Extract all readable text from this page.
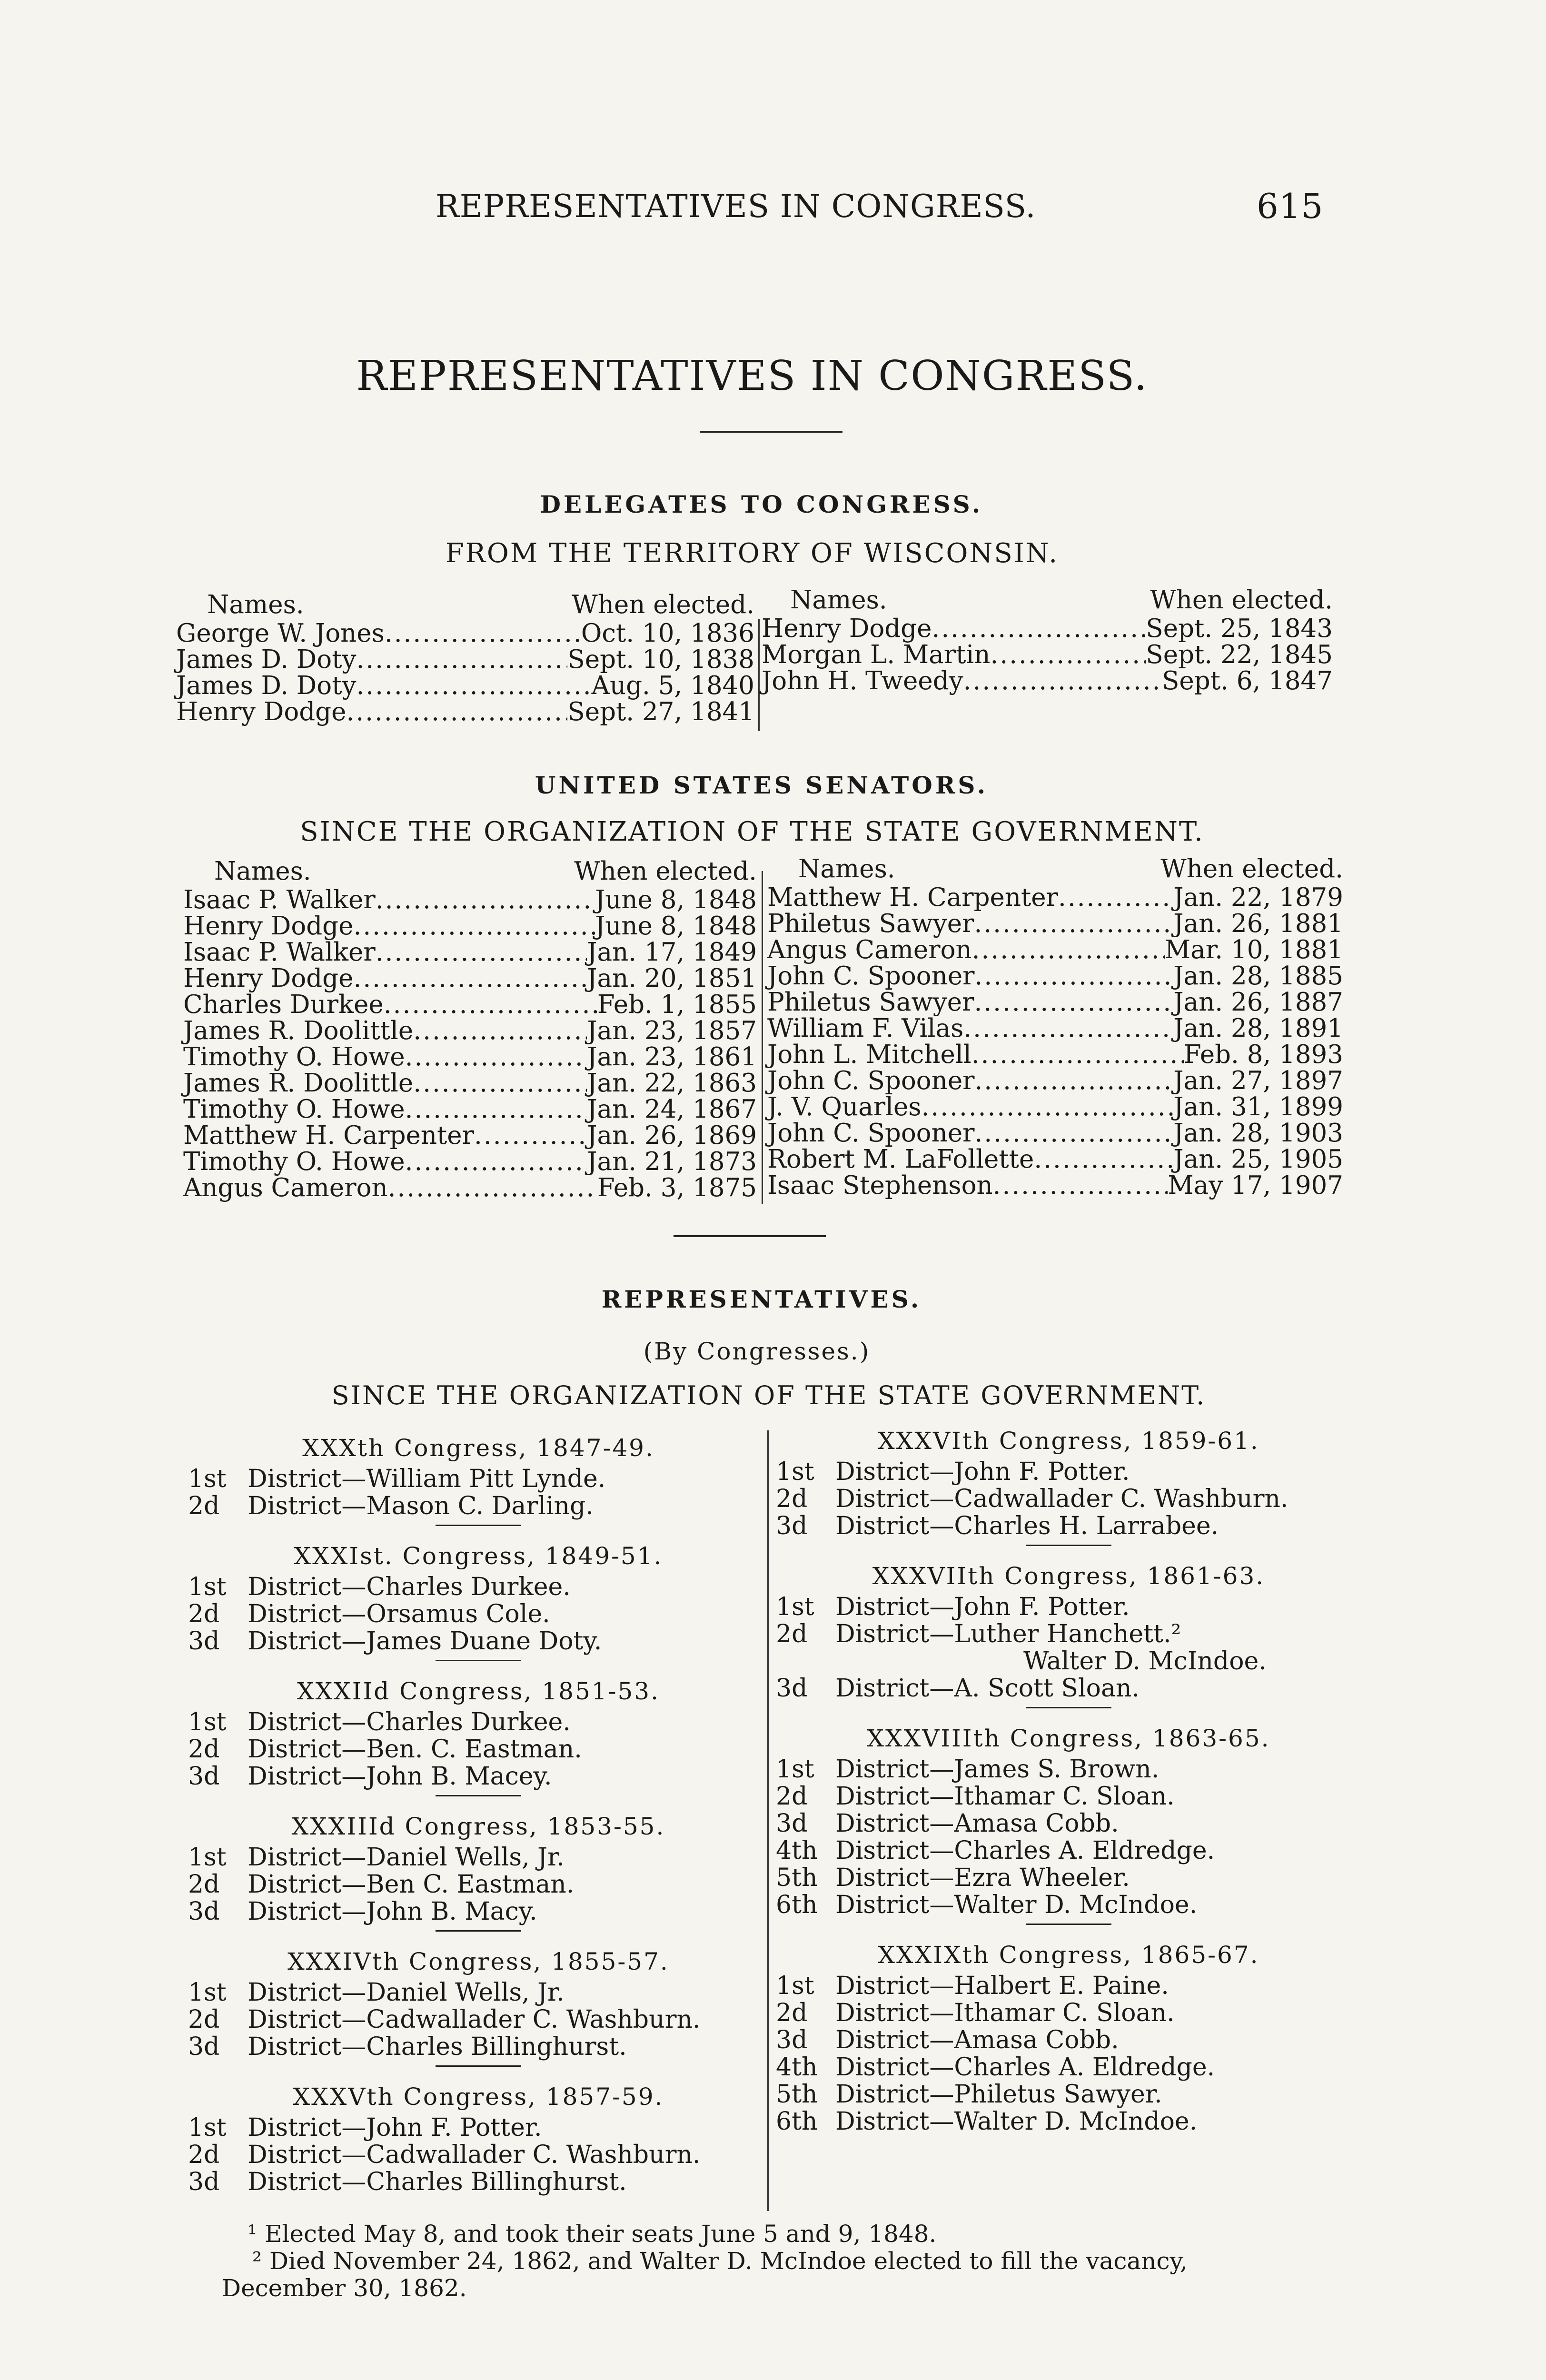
REPRESENTATIVES IN CONGRESS.	615
REPRESENTATIVES IN CONGRESS.
DELEGATES TO CONGRESS.
FROM THE TERRITORY OF WISCONSIN.
Names.	When elected.
George W. Jones .....	Oct. 10, 1836
James D. Doty .....	Sept. 10, 1838
James D. Doty .....	Aug. 5, 1840
Henry Dodge .....	Sept. 27, 1841
Names.	When elected.
Henry Dodge .....	Sept. 25, 1843
Morgan L. Martin .....	Sept. 22, 1845
John H. Tweedy .....	Sept. 6, 1847
UNITED STATES SENATORS.
SINCE THE ORGANIZATION OF THE STATE GOVERNMENT.
Names.	When elected.
Isaac P. Walker .....	June 8, 1848
Henry Dodge .....	June 8, 1848
Isaac P. Walker .....	Jan. 17, 1849
Henry Dodge .....	Jan. 20, 1851
Charles Durkee .....	Feb. 1, 1855
James R. Doolittle .....	Jan. 23, 1857
Timothy O. Howe .....	Jan. 23, 1861
James R. Doolittle .....	Jan. 22, 1863
Timothy O. Howe .....	Jan. 24, 1867
Matthew H. Carpenter .....	Jan. 26, 1869
Timothy O. Howe .....	Jan. 21, 1873
Angus Cameron .....	Feb. 3, 1875
Names.	When elected.
Matthew H. Carpenter .....	Jan. 22, 1879
Philetus Sawyer .....	Jan. 26, 1881
Angus Cameron .....	Mar. 10, 1881
John C. Spooner .....	Jan. 28, 1885
Philetus Sawyer .....	Jan. 26, 1887
William F. Vilas .....	Jan. 28, 1891
John L. Mitchell .....	Feb. 8, 1893
John C. Spooner .....	Jan. 27, 1897
J. V. Quarles .....	Jan. 31, 1899
John C. Spooner .....	Jan. 28, 1903
Robert M. LaFollette .....	Jan. 25, 1905
Isaac Stephenson .....	May 17, 1907
REPRESENTATIVES.
(By Congresses.)
SINCE THE ORGANIZATION OF THE STATE GOVERNMENT.
XXXth Congress, 1847-49.
1st District—William Pitt Lynde.
2d District—Mason C. Darling.
XXXIst. Congress, 1849-51.
1st District—Charles Durkee.
2d District—Orsamus Cole.
3d District—James Duane Doty.
XXXIId Congress, 1851-53.
1st District—Charles Durkee.
2d District—Ben. C. Eastman.
3d District—John B. Macey.
XXXIIId Congress, 1853-55.
1st District—Daniel Wells, Jr.
2d District—Ben C. Eastman.
3d District—John B. Macy.
XXXIVth Congress, 1855-57.
1st District—Daniel Wells, Jr.
2d District—Cadwallader C. Washburn.
3d District—Charles Billinghurst.
XXXVth Congress, 1857-59.
1st District—John F. Potter.
2d District—Cadwallader C. Washburn.
3d District—Charles Billinghurst.
XXXVIth Congress, 1859-61.
1st District—John F. Potter.
2d District—Cadwallader C. Washburn.
3d District—Charles H. Larrabee.
XXXVIIth Congress, 1861-63.
1st District—John F. Potter.
2d District—Luther Hanchett.²
Walter D. McIndoe.
3d District—A. Scott Sloan.
XXXVIIIth Congress, 1863-65.
1st District—James S. Brown.
2d District—Ithamar C. Sloan.
3d District—Amasa Cobb.
4th District—Charles A. Eldredge.
5th District—Ezra Wheeler.
6th District—Walter D. McIndoe.
XXXIXth Congress, 1865-67.
1st District—Halbert E. Paine.
2d District—Ithamar C. Sloan.
3d District—Amasa Cobb.
4th District—Charles A. Eldredge.
5th District—Philetus Sawyer.
6th District—Walter D. McIndoe.
¹ Elected May 8, and took their seats June 5 and 9, 1848.
² Died November 24, 1862, and Walter D. McIndoe elected to fill the vacancy,
December 30, 1862.
